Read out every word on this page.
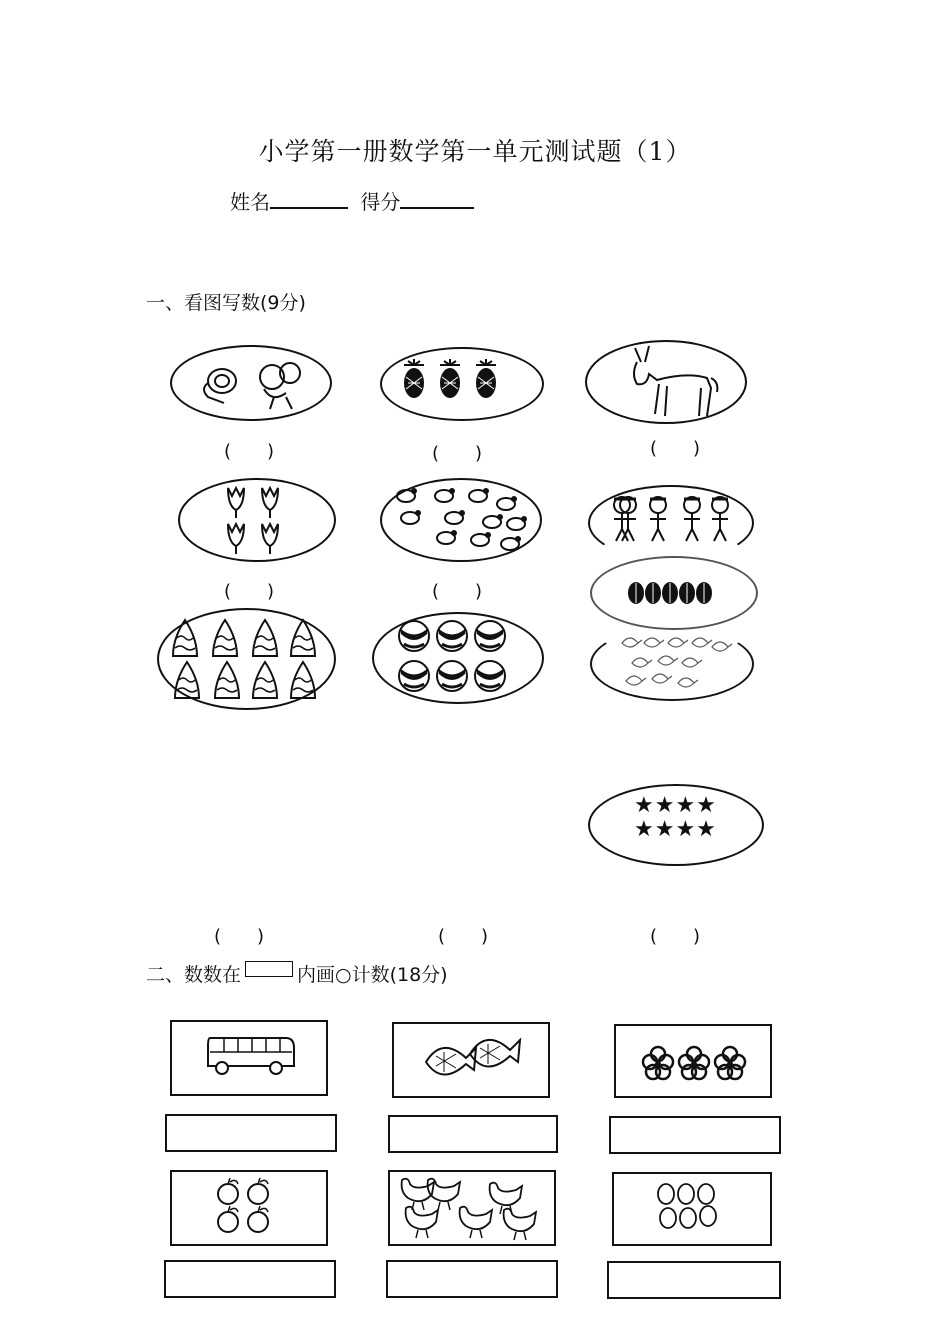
小学第一册数学第一单元测试题（1）
姓名	得分
一、看图写数(9分)
(　　)	(　　)	(　　)
(　　)	(　　)
★★★★
★★★★
(　　)	(　　)	(　　)
二、数数在	内画○计数(18分)
